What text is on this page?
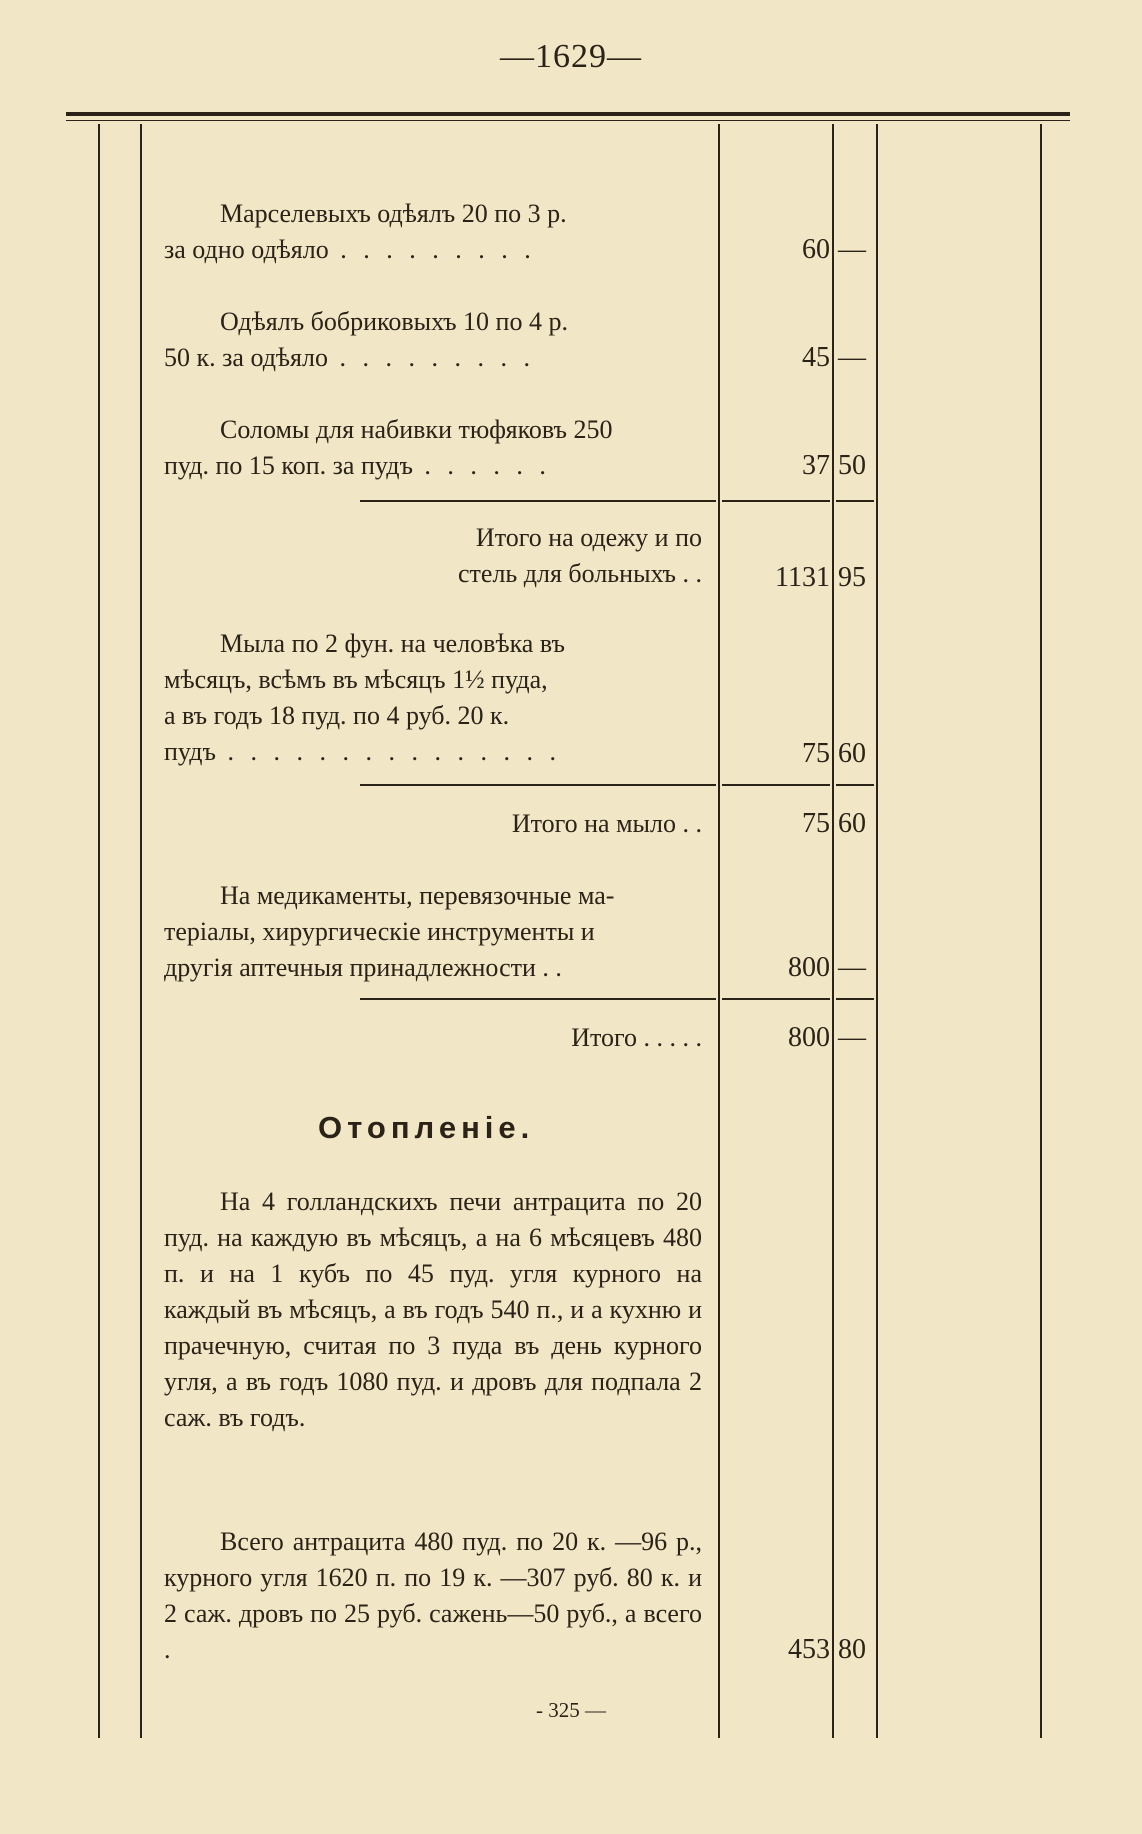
—1629—
Марселевыхъ одѣялъ 20 по 3 р.
за одно одѣяло . . . . . . . . .	60 —
Одѣялъ бобриковыхъ 10 по 4 р.
50 к. за одѣяло . . . . . . . . .	45 —
Соломы для набивки тюфяковъ 250
пуд. по 15 коп. за пудъ . . . . . .	37 50
Итого на одежу и по
стель для больныхъ . .	1131 95
Мыла по 2 фун. на человѣка въ
мѣсяцъ, всѣмъ въ мѣсяцъ 1½ пуда,
а въ годъ 18 пуд. по 4 руб. 20 к.
пудъ . . . . . . . . . . . . . . .	75 60
Итого на мыло . .	75 60
На медикаменты, перевязочные ма-
теріалы, хирургическіе инструменты и
другія аптечныя принадлежности . .	800 —
Итого . . . . .	800 —
Отопленіе.
На 4 голландскихъ печи антрацита по 20 пуд. на каждую въ мѣсяцъ, а на 6 мѣсяцевъ 480 п. и на 1 кубъ по 45 пуд. угля курного на каждый въ мѣсяцъ, а въ годъ 540 п., и а кухню и прачечную, считая по 3 пуда въ день курного угля, а въ годъ 1080 пуд. и дровъ для подпала 2 саж. въ годъ.
Всего антрацита 480 пуд. по 20 к. —96 р., курного угля 1620 п. по 19 к. —307 руб. 80 к. и 2 саж. дровъ по 25 руб. сажень—50 руб., а всего .	453 80
- 325 —
